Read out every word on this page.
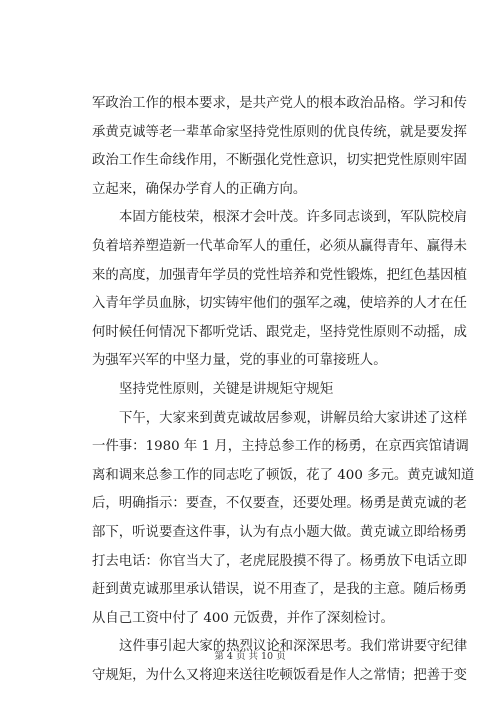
军政治工作的根本要求，是共产党人的根本政治品格。学习和传
承黄克诚等老一辈革命家坚持党性原则的优良传统，就是要发挥
政治工作生命线作用，不断强化党性意识，切实把党性原则牢固
立起来，确保办学育人的正确方向。
本固方能枝荣，根深才会叶茂。许多同志谈到，军队院校肩
负着培养塑造新一代革命军人的重任，必须从赢得青年、赢得未
来的高度，加强青年学员的党性培养和党性锻炼，把红色基因植
入青年学员血脉，切实铸牢他们的强军之魂，使培养的人才在任
何时候任何情况下都听党话、跟党走，坚持党性原则不动摇，成
为强军兴军的中坚力量，党的事业的可靠接班人。
坚持党性原则，关键是讲规矩守规矩
下午，大家来到黄克诚故居参观，讲解员给大家讲述了这样
一件事：1980 年 1 月，主持总参工作的杨勇，在京西宾馆请调
离和调来总参工作的同志吃了顿饭，花了 400 多元。黄克诚知道
后，明确指示：要查，不仅要查，还要处理。杨勇是黄克诚的老
部下，听说要查这件事，认为有点小题大做。黄克诚立即给杨勇
打去电话：你官当大了，老虎屁股摸不得了。杨勇放下电话立即
赶到黄克诚那里承认错误，说不用查了，是我的主意。随后杨勇
从自己工资中付了 400 元饭费，并作了深刻检讨。
这件事引起大家的热烈议论和深深思考。我们常讲要守纪律
守规矩，为什么又将迎来送往吃顿饭看是作人之常情；把善于变
第 4 页 共 10 页
